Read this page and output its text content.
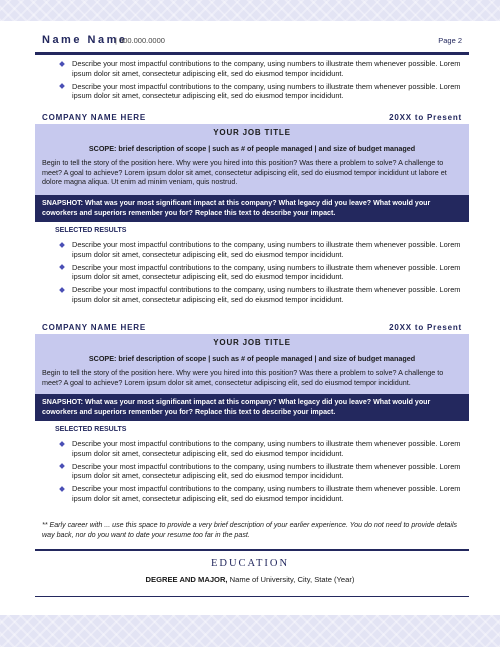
Name Name
| 000.000.0000	Page 2
Describe your most impactful contributions to the company, using numbers to illustrate them whenever possible. Lorem ipsum dolor sit amet, consectetur adipiscing elit, sed do eiusmod tempor incididunt.
Describe your most impactful contributions to the company, using numbers to illustrate them whenever possible. Lorem ipsum dolor sit amet, consectetur adipiscing elit, sed do eiusmod tempor incididunt.
COMPANY NAME HERE	20XX to Present
YOUR JOB TITLE
SCOPE: brief description of scope | such as # of people managed | and size of budget managed
Begin to tell the story of the position here. Why were you hired into this position? Was there a problem to solve? A challenge to meet? A goal to achieve? Lorem ipsum dolor sit amet, consectetur adipiscing elit, sed do eiusmod tempor incididunt ut labore et dolore magna aliqua. Ut enim ad minim veniam, quis nostrud.
SNAPSHOT: What was your most significant impact at this company? What legacy did you leave? What would your coworkers and superiors remember you for? Replace this text to describe your impact.
SELECTED RESULTS
Describe your most impactful contributions to the company, using numbers to illustrate them whenever possible. Lorem ipsum dolor sit amet, consectetur adipiscing elit, sed do eiusmod tempor incididunt.
Describe your most impactful contributions to the company, using numbers to illustrate them whenever possible. Lorem ipsum dolor sit amet, consectetur adipiscing elit, sed do eiusmod tempor incididunt.
Describe your most impactful contributions to the company, using numbers to illustrate them whenever possible. Lorem ipsum dolor sit amet, consectetur adipiscing elit, sed do eiusmod tempor incididunt.
COMPANY NAME HERE	20XX to Present
YOUR JOB TITLE
SCOPE: brief description of scope | such as # of people managed | and size of budget managed
Begin to tell the story of the position here. Why were you hired into this position? Was there a problem to solve? A challenge to meet? A goal to achieve? Lorem ipsum dolor sit amet, consectetur adipiscing elit, sed do eiusmod tempor incididunt.
SNAPSHOT: What was your most significant impact at this company? What legacy did you leave? What would your coworkers and superiors remember you for? Replace this text to describe your impact.
SELECTED RESULTS
Describe your most impactful contributions to the company, using numbers to illustrate them whenever possible. Lorem ipsum dolor sit amet, consectetur adipiscing elit, sed do eiusmod tempor incididunt.
Describe your most impactful contributions to the company, using numbers to illustrate them whenever possible. Lorem ipsum dolor sit amet, consectetur adipiscing elit, sed do eiusmod tempor incididunt.
Describe your most impactful contributions to the company, using numbers to illustrate them whenever possible. Lorem ipsum dolor sit amet, consectetur adipiscing elit, sed do eiusmod tempor incididunt.
** Early career with ... use this space to provide a very brief description of your earlier experience. You do not need to provide details way back, nor do you want to date your resume too far in the past.
EDUCATION
DEGREE AND MAJOR, Name of University, City, State (Year)
